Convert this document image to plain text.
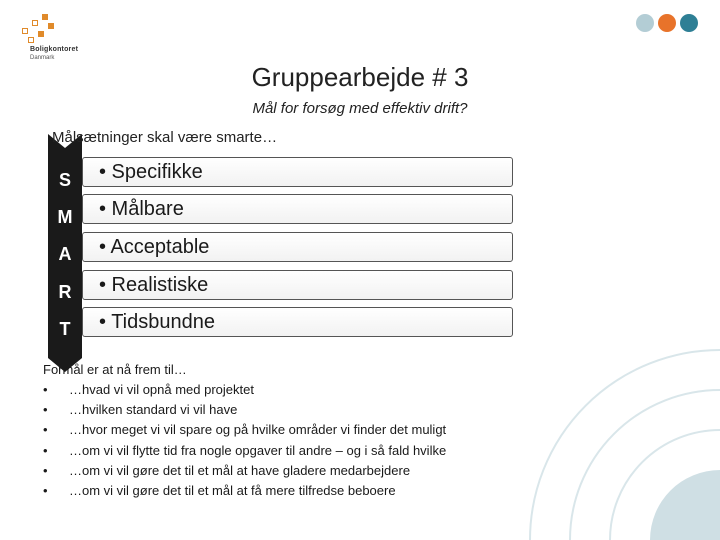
Boligkontoret
Danmark
Gruppearbejde # 3
Mål for forsøg med effektiv drift?
Målsætninger skal være smarte…
S
M
A
R
T
• Specifikke
• Målbare
• Acceptable
• Realistiske
• Tidsbundne
Formål er at nå frem til…
• …hvad vi vil opnå med projektet
• …hvilken standard vi vil have
• …hvor meget vi vil spare og på hvilke områder vi finder det muligt
• …om vi vil flytte tid fra nogle opgaver til andre – og i så fald hvilke
• …om vi vil gøre det til et mål at have gladere medarbejdere
• …om vi vil gøre det til et mål at få mere tilfredse beboere
